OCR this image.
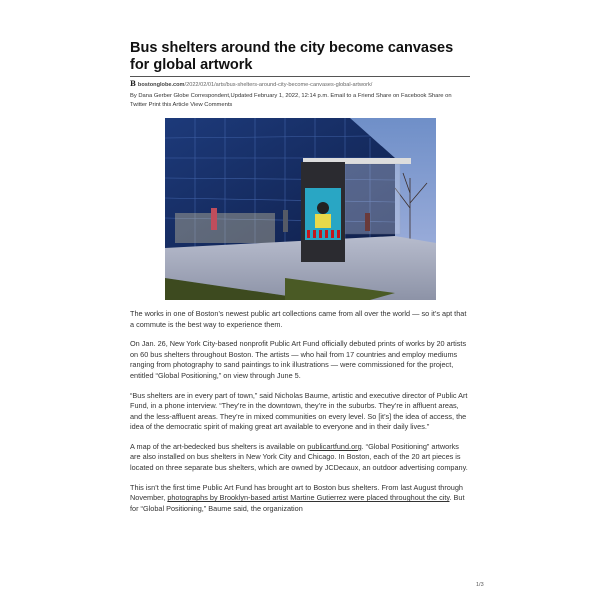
Bus shelters around the city become canvases for global artwork
B bostonglobe.com/2022/02/01/arts/bus-shelters-around-city-become-canvases-global-artwork/
By Dana Gerber Globe Correspondent,Updated February 1, 2022, 12:14 p.m. Email to a Friend Share on Facebook Share on Twitter Print this Article View Comments

The works in one of Boston’s newest public art collections came from all over the world — so it’s apt that a commute is the best way to experience them.

On Jan. 26, New York City-based nonprofit Public Art Fund officially debuted prints of works by 20 artists on 60 bus shelters throughout Boston. The artists — who hail from 17 countries and employ mediums ranging from photography to sand paintings to ink illustrations — were commissioned for the project, entitled “Global Positioning,” on view through June 5.

“Bus shelters are in every part of town,” said Nicholas Baume, artistic and executive director of Public Art Fund, in a phone interview. “They’re in the downtown, they’re in the suburbs. They’re in affluent areas, and the less-affluent areas. They’re in mixed communities on every level. So [it’s] the idea of access, the idea of the democratic spirit of making great art available to everyone and in their daily lives.”

A map of the art-bedecked bus shelters is available on publicartfund.org. “Global Positioning” artworks are also installed on bus shelters in New York City and Chicago. In Boston, each of the 20 art pieces is located on three separate bus shelters, which are owned by JCDecaux, an outdoor advertising company.

This isn’t the first time Public Art Fund has brought art to Boston bus shelters. From last August through November, photographs by Brooklyn-based artist Martine Gutierrez were placed throughout the city. But for “Global Positioning,” Baume said, the organization

1/3
